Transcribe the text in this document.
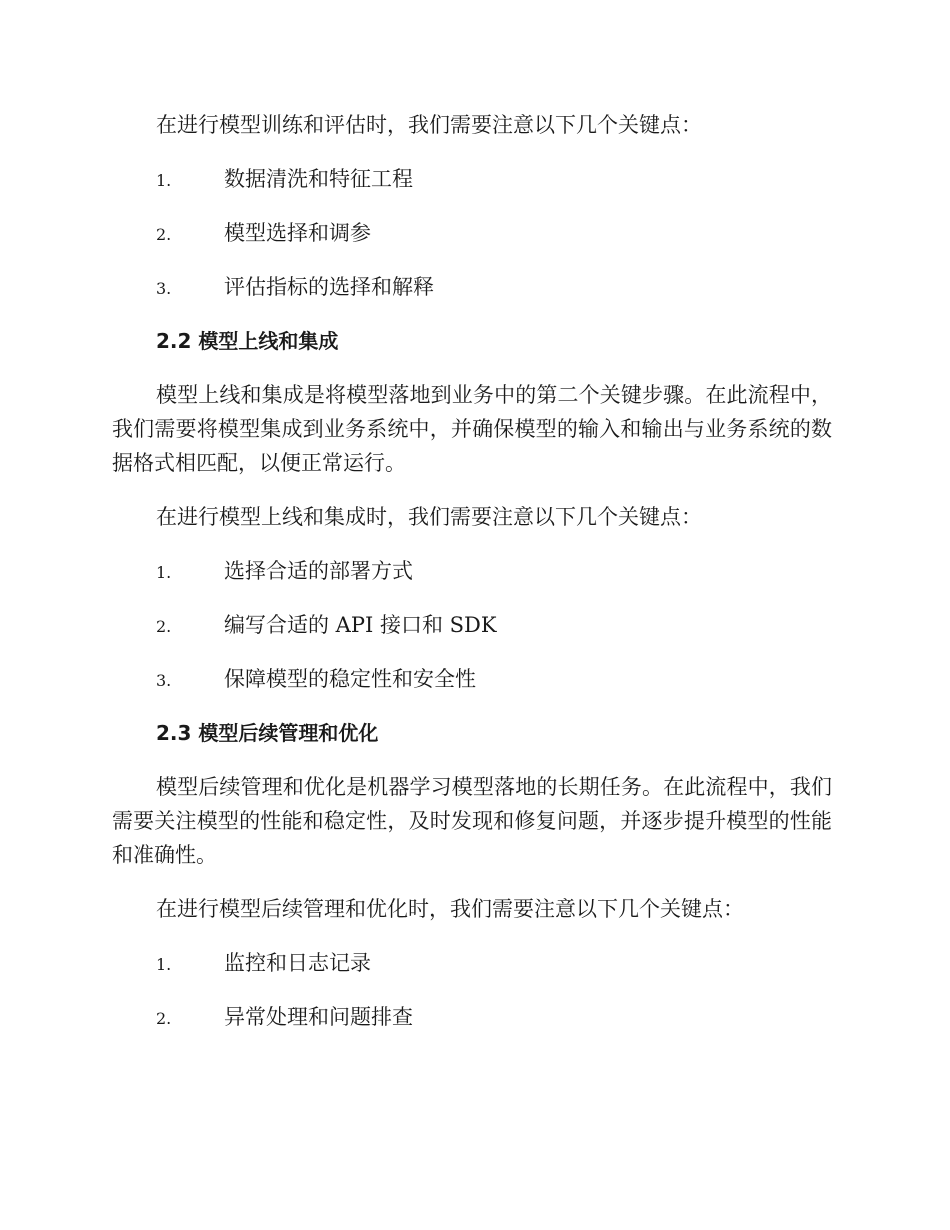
在进行模型训练和评估时，我们需要注意以下几个关键点：

1.	数据清洗和特征工程
2.	模型选择和调参
3.	评估指标的选择和解释
2.2 模型上线和集成

模型上线和集成是将模型落地到业务中的第二个关键步骤。在此流程中，我们需要将模型集成到业务系统中，并确保模型的输入和输出与业务系统的数据格式相匹配，以便正常运行。

在进行模型上线和集成时，我们需要注意以下几个关键点：

1.	选择合适的部署方式
2.	编写合适的 API 接口和 SDK
3.	保障模型的稳定性和安全性
2.3 模型后续管理和优化

模型后续管理和优化是机器学习模型落地的长期任务。在此流程中，我们需要关注模型的性能和稳定性，及时发现和修复问题，并逐步提升模型的性能和准确性。

在进行模型后续管理和优化时，我们需要注意以下几个关键点：

1.	监控和日志记录
2.	异常处理和问题排查
